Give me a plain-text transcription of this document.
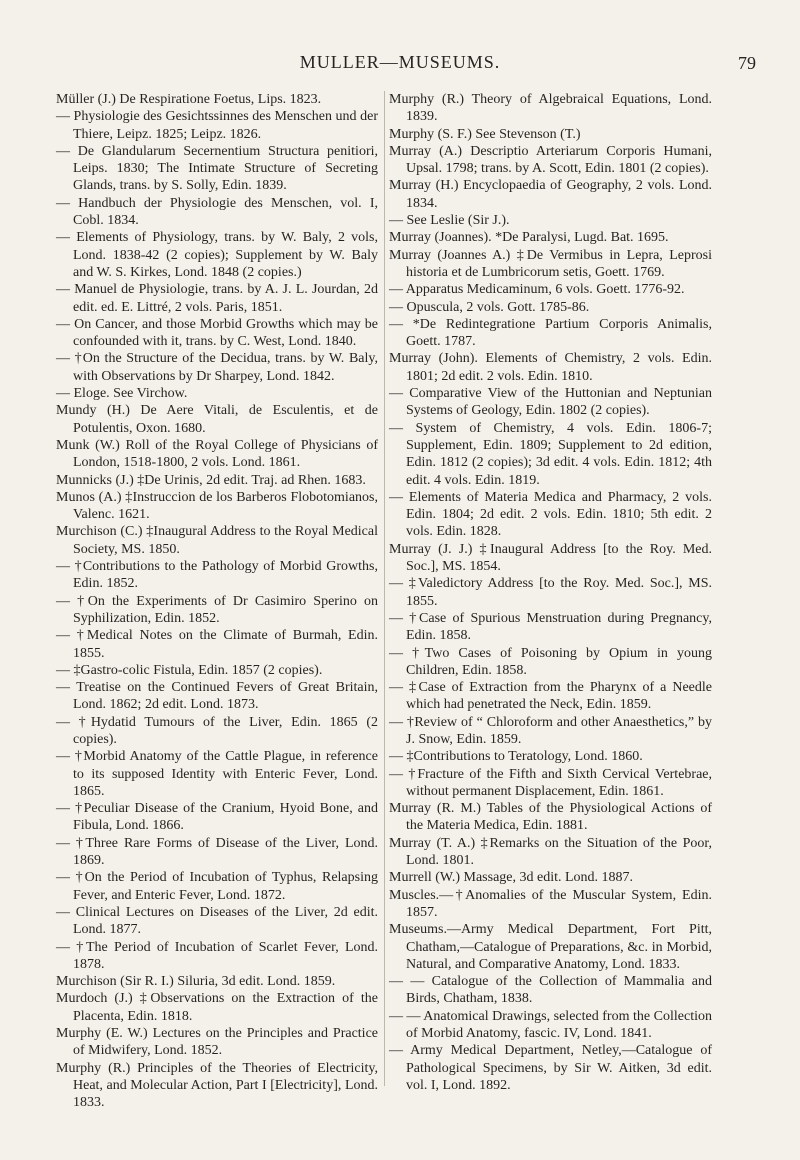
MULLER—MUSEUMS.	79
Müller (J.) De Respiratione Foetus, Lips. 1823.
— Physiologie des Gesichtssinnes des Menschen und der Thiere, Leipz. 1825; Leipz. 1826.
— De Glandularum Secernentium Structura penitiori, Leips. 1830; The Intimate Structure of Secreting Glands, trans. by S. Solly, Edin. 1839.
— Handbuch der Physiologie des Menschen, vol. I, Cobl. 1834.
— Elements of Physiology, trans. by W. Baly, 2 vols, Lond. 1838-42 (2 copies); Supplement by W. Baly and W. S. Kirkes, Lond. 1848 (2 copies.)
— Manuel de Physiologie, trans. by A. J. L. Jourdan, 2d edit. ed. E. Littré, 2 vols. Paris, 1851.
— On Cancer, and those Morbid Growths which may be confounded with it, trans. by C. West, Lond. 1840.
— †On the Structure of the Decidua, trans. by W. Baly, with Observations by Dr Sharpey, Lond. 1842.
— Eloge. See Virchow.
Mundy (H.) De Aere Vitali, de Esculentis, et de Potulentis, Oxon. 1680.
Munk (W.) Roll of the Royal College of Physicians of London, 1518-1800, 2 vols. Lond. 1861.
Munnicks (J.) ‡De Urinis, 2d edit. Traj. ad Rhen. 1683.
Munos (A.) ‡Instruccion de los Barberos Flobotomianos, Valenc. 1621.
Murchison (C.) ‡Inaugural Address to the Royal Medical Society, MS. 1850.
— †Contributions to the Pathology of Morbid Growths, Edin. 1852.
— †On the Experiments of Dr Casimiro Sperino on Syphilization, Edin. 1852.
— †Medical Notes on the Climate of Burmah, Edin. 1855.
— ‡Gastro-colic Fistula, Edin. 1857 (2 copies).
— Treatise on the Continued Fevers of Great Britain, Lond. 1862; 2d edit. Lond. 1873.
— †Hydatid Tumours of the Liver, Edin. 1865 (2 copies).
— †Morbid Anatomy of the Cattle Plague, in reference to its supposed Identity with Enteric Fever, Lond. 1865.
— †Peculiar Disease of the Cranium, Hyoid Bone, and Fibula, Lond. 1866.
— †Three Rare Forms of Disease of the Liver, Lond. 1869.
— †On the Period of Incubation of Typhus, Relapsing Fever, and Enteric Fever, Lond. 1872.
— Clinical Lectures on Diseases of the Liver, 2d edit. Lond. 1877.
— †The Period of Incubation of Scarlet Fever, Lond. 1878.
Murchison (Sir R. I.) Siluria, 3d edit. Lond. 1859.
Murdoch (J.) ‡Observations on the Extraction of the Placenta, Edin. 1818.
Murphy (E. W.) Lectures on the Principles and Practice of Midwifery, Lond. 1852.
Murphy (R.) Principles of the Theories of Electricity, Heat, and Molecular Action, Part I [Electricity], Lond. 1833.
Murphy (R.) Theory of Algebraical Equations, Lond. 1839.
Murphy (S. F.) See Stevenson (T.)
Murray (A.) Descriptio Arteriarum Corporis Humani, Upsal. 1798; trans. by A. Scott, Edin. 1801 (2 copies).
Murray (H.) Encyclopaedia of Geography, 2 vols. Lond. 1834.
— See Leslie (Sir J.).
Murray (Joannes). *De Paralysi, Lugd. Bat. 1695.
Murray (Joannes A.) ‡De Vermibus in Lepra, Leprosi historia et de Lumbricorum setis, Goett. 1769.
— Apparatus Medicaminum, 6 vols. Goett. 1776-92.
— Opuscula, 2 vols. Gott. 1785-86.
— *De Redintegratione Partium Corporis Animalis, Goett. 1787.
Murray (John). Elements of Chemistry, 2 vols. Edin. 1801; 2d edit. 2 vols. Edin. 1810.
— Comparative View of the Huttonian and Neptunian Systems of Geology, Edin. 1802 (2 copies).
— System of Chemistry, 4 vols. Edin. 1806-7; Supplement, Edin. 1809; Supplement to 2d edition, Edin. 1812 (2 copies); 3d edit. 4 vols. Edin. 1812; 4th edit. 4 vols. Edin. 1819.
— Elements of Materia Medica and Pharmacy, 2 vols. Edin. 1804; 2d edit. 2 vols. Edin. 1810; 5th edit. 2 vols. Edin. 1828.
Murray (J. J.) ‡Inaugural Address [to the Roy. Med. Soc.], MS. 1854.
— ‡Valedictory Address [to the Roy. Med. Soc.], MS. 1855.
— †Case of Spurious Menstruation during Pregnancy, Edin. 1858.
— †Two Cases of Poisoning by Opium in young Children, Edin. 1858.
— ‡Case of Extraction from the Pharynx of a Needle which had penetrated the Neck, Edin. 1859.
— †Review of “ Chloroform and other Anaesthetics,” by J. Snow, Edin. 1859.
— ‡Contributions to Teratology, Lond. 1860.
— †Fracture of the Fifth and Sixth Cervical Vertebrae, without permanent Displacement, Edin. 1861.
Murray (R. M.) Tables of the Physiological Actions of the Materia Medica, Edin. 1881.
Murray (T. A.) ‡Remarks on the Situation of the Poor, Lond. 1801.
Murrell (W.) Massage, 3d edit. Lond. 1887.
Muscles.—†Anomalies of the Muscular System, Edin. 1857.
Museums.—Army Medical Department, Fort Pitt, Chatham,—Catalogue of Preparations, &c. in Morbid, Natural, and Comparative Anatomy, Lond. 1833.
— — Catalogue of the Collection of Mammalia and Birds, Chatham, 1838.
— — Anatomical Drawings, selected from the Collection of Morbid Anatomy, fascic. IV, Lond. 1841.
— Army Medical Department, Netley,—Catalogue of Pathological Specimens, by Sir W. Aitken, 3d edit. vol. I, Lond. 1892.
